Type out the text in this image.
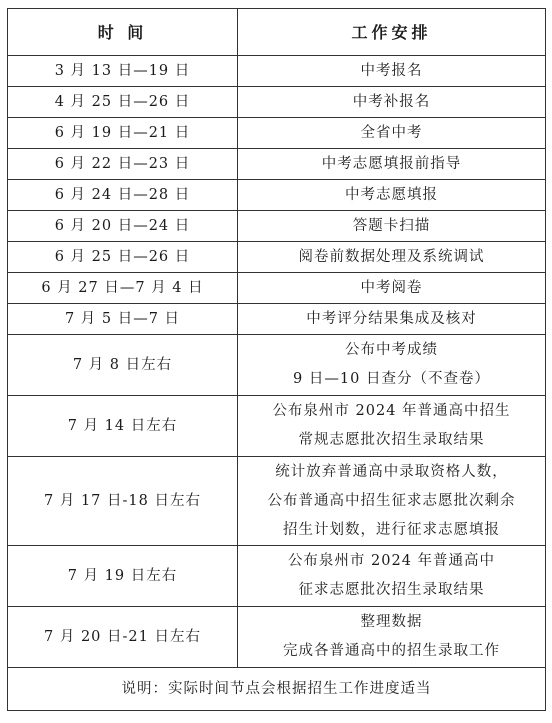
时 间	工作安排
3 月 13 日—19 日	中考报名

4 月 25 日—26 日	中考补报名

6 月 19 日—21 日	全省中考

6 月 22 日—23 日	中考志愿填报前指导

6 月 24 日—28 日	中考志愿填报

6 月 20 日—24 日	答题卡扫描

6 月 25 日—26 日	阅卷前数据处理及系统调试

6 月 27 日—7 月 4 日	中考阅卷

7 月 5 日—7 日	中考评分结果集成及核对

7 月 8 日左右	公布中考成绩
9 日—10 日查分（不查卷）

7 月 14 日左右	公布泉州市 2024 年普通高中招生
常规志愿批次招生录取结果

7 月 17 日-18 日左右	统计放弃普通高中录取资格人数，
公布普通高中招生征求志愿批次剩余
招生计划数，进行征求志愿填报

7 月 19 日左右	公布泉州市 2024 年普通高中
征求志愿批次招生录取结果

7 月 20 日-21 日左右	整理数据
完成各普通高中的招生录取工作

说明：实际时间节点会根据招生工作进度适当	
